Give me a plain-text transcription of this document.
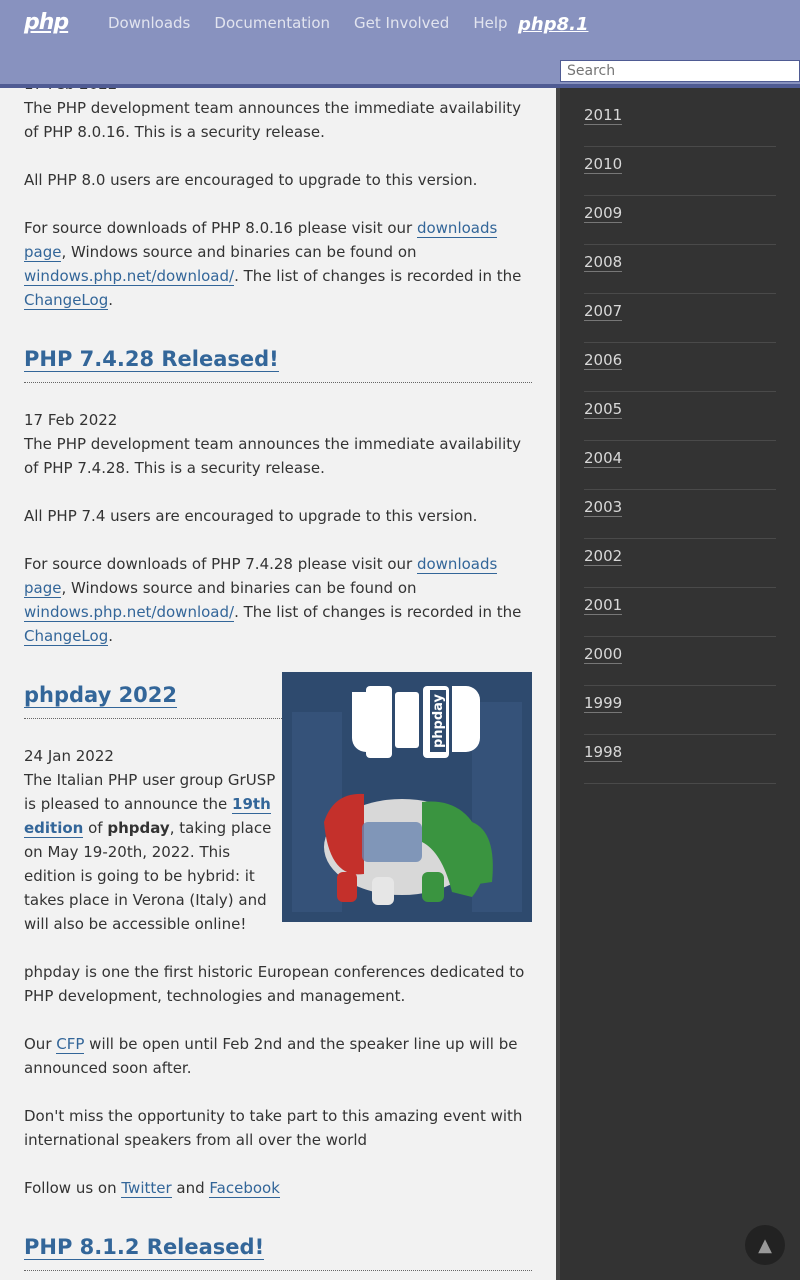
2011
2010
2009
2008
2007
2006
2005
2004
2003
2002
2001
2000
1999
1998

The PHP development team announces the immediate availability of PHP 8.0.16. This is a security release.

All PHP 8.0 users are encouraged to upgrade to this version.

For source downloads of PHP 8.0.16 please visit our downloads page, Windows source and binaries can be found on windows.php.net/download/. The list of changes is recorded in the ChangeLog.

PHP 7.4.28 Released!
17 Feb 2022

The PHP development team announces the immediate availability of PHP 7.4.28. This is a security release.

All PHP 7.4 users are encouraged to upgrade to this version.

For source downloads of PHP 7.4.28 please visit our downloads page, Windows source and binaries can be found on windows.php.net/download/. The list of changes is recorded in the ChangeLog.

phpday 2022	phpday
24 Jan 2022

The Italian PHP user group GrUSP is pleased to announce the 19th edition of phpday, taking place on May 19-20th, 2022. This edition is going to be hybrid: it takes place in Verona (Italy) and will also be accessible online!

phpday is one the first historic European conferences dedicated to PHP development, technologies and management.

Our CFP will be open until Feb 2nd and the speaker line up will be announced soon after.

Don't miss the opportunity to take part to this amazing event with international speakers from all over the world

Follow us on Twitter and Facebook

PHP 8.1.2 Released!
php	Downloads Documentation Get Involved Help php8.1
Search
▲
